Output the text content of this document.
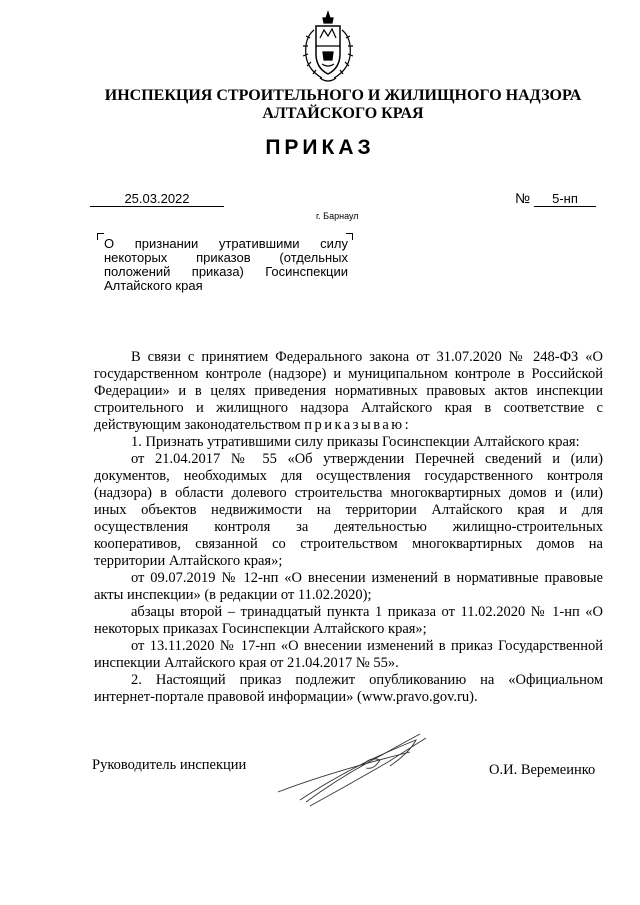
ИНСПЕКЦИЯ СТРОИТЕЛЬНОГО И ЖИЛИЩНОГО НАДЗОРА
АЛТАЙСКОГО КРАЯ
ПРИКАЗ
25.03.2022	№	5-нп
г. Барнаул
О признании утратившими силу
некоторых приказов (отдельных
положений приказа) Госинспекции
Алтайского края

В связи с принятием Федерального закона от 31.07.2020 № 248-ФЗ «О государственном контроле (надзоре) и муниципальном контроле в Российской Федерации» и в целях приведения нормативных правовых актов инспекции строительного и жилищного надзора Алтайского края в соответствие с действующим законодательством приказываю:

1. Признать утратившими силу приказы Госинспекции Алтайского края:

от 21.04.2017 № 55 «Об утверждении Перечней сведений и (или) документов, необходимых для осуществления государственного контроля (надзора) в области долевого строительства многоквартирных домов и (или) иных объектов недвижимости на территории Алтайского края и для осуществления контроля за деятельностью жилищно-строительных кооперативов, связанной со строительством многоквартирных домов на территории Алтайского края»;

от 09.07.2019 № 12-нп «О внесении изменений в нормативные правовые акты инспекции» (в редакции от 11.02.2020);

абзацы второй – тринадцатый пункта 1 приказа от 11.02.2020 № 1-нп «О некоторых приказах Госинспекции Алтайского края»;

от 13.11.2020 № 17-нп «О внесении изменений в приказ Государственной инспекции Алтайского края от 21.04.2017 № 55».

2. Настоящий приказ подлежит опубликованию на «Официальном интернет-портале правовой информации» (www.pravo.gov.ru).

Руководитель инспекции	О.И. Веремеинко
